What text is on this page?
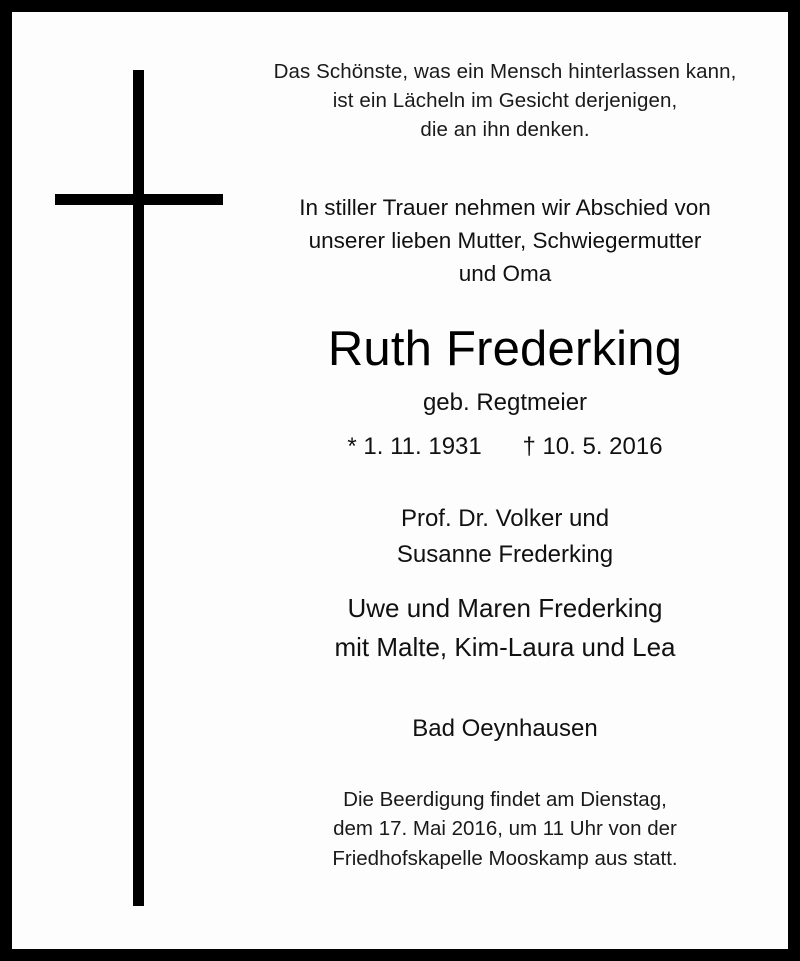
Das Schönste, was ein Mensch hinterlassen kann,
ist ein Lächeln im Gesicht derjenigen,
die an ihn denken.
In stiller Trauer nehmen wir Abschied von
unserer lieben Mutter, Schwiegermutter
und Oma
Ruth Frederking
geb. Regtmeier
* 1. 11. 1931 † 10. 5. 2016
Prof. Dr. Volker und
Susanne Frederking
Uwe und Maren Frederking
mit Malte, Kim-Laura und Lea
Bad Oeynhausen
Die Beerdigung findet am Dienstag,
dem 17. Mai 2016, um 11 Uhr von der
Friedhofskapelle Mooskamp aus statt.
